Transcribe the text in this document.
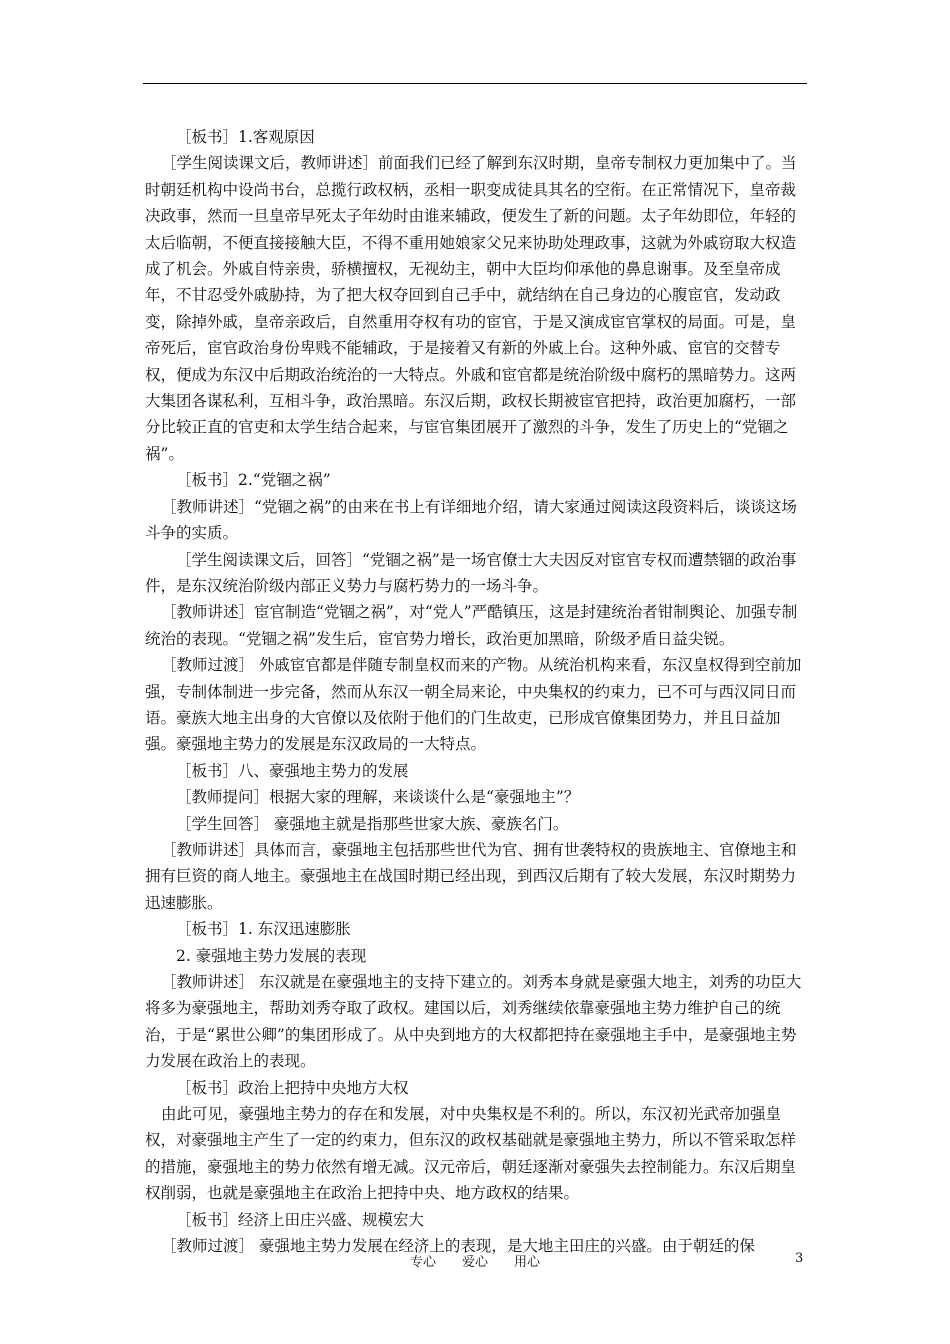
［板书］1.客观原因

［学生阅读课文后，教师讲述］前面我们已经了解到东汉时期，皇帝专制权力更加集中了。当时朝廷机构中设尚书台，总揽行政权柄，丞相一职变成徒具其名的空衔。在正常情况下，皇帝裁决政事，然而一旦皇帝早死太子年幼时由谁来辅政，便发生了新的问题。太子年幼即位，年轻的太后临朝，不便直接接触大臣，不得不重用她娘家父兄来协助处理政事，这就为外戚窃取大权造成了机会。外戚自恃亲贵，骄横擅权，无视幼主，朝中大臣均仰承他的鼻息谢事。及至皇帝成年，不甘忍受外戚胁持，为了把大权夺回到自己手中，就结纳在自己身边的心腹宦官，发动政变，除掉外戚，皇帝亲政后，自然重用夺权有功的宦官，于是又演成宦官掌权的局面。可是，皇帝死后，宦官政治身份卑贱不能辅政，于是接着又有新的外戚上台。这种外戚、宦官的交替专权，便成为东汉中后期政治统治的一大特点。外戚和宦官都是统治阶级中腐朽的黑暗势力。这两大集团各谋私利，互相斗争，政治黑暗。东汉后期，政权长期被宦官把持，政治更加腐朽，一部分比较正直的官吏和太学生结合起来，与宦官集团展开了激烈的斗争，发生了历史上的“党锢之祸”。

［板书］2.“党锢之祸”

［教师讲述］“党锢之祸”的由来在书上有详细地介绍，请大家通过阅读这段资料后，谈谈这场斗争的实质。

［学生阅读课文后，回答］“党锢之祸”是一场官僚士大夫因反对宦官专权而遭禁锢的政治事件，是东汉统治阶级内部正义势力与腐朽势力的一场斗争。

［教师讲述］宦官制造“党锢之祸”，对“党人”严酷镇压，这是封建统治者钳制舆论、加强专制统治的表现。“党锢之祸”发生后，宦官势力增长，政治更加黑暗，阶级矛盾日益尖锐。

［教师过渡］ 外戚宦官都是伴随专制皇权而来的产物。从统治机构来看，东汉皇权得到空前加强，专制体制进一步完备，然而从东汉一朝全局来论，中央集权的约束力，已不可与西汉同日而语。豪族大地主出身的大官僚以及依附于他们的门生故吏，已形成官僚集团势力，并且日益加强。豪强地主势力的发展是东汉政局的一大特点。

［板书］八、豪强地主势力的发展

［教师提问］根据大家的理解，来谈谈什么是“豪强地主”？

［学生回答］ 豪强地主就是指那些世家大族、豪族名门。

［教师讲述］具体而言，豪强地主包括那些世代为官、拥有世袭特权的贵族地主、官僚地主和拥有巨资的商人地主。豪强地主在战国时期已经出现，到西汉后期有了较大发展，东汉时期势力迅速膨胀。

［板书］1. 东汉迅速膨胀

2. 豪强地主势力发展的表现

［教师讲述］ 东汉就是在豪强地主的支持下建立的。刘秀本身就是豪强大地主，刘秀的功臣大将多为豪强地主，帮助刘秀夺取了政权。建国以后，刘秀继续依靠豪强地主势力维护自己的统治，于是“累世公卿”的集团形成了。从中央到地方的大权都把持在豪强地主手中，是豪强地主势力发展在政治上的表现。

［板书］政治上把持中央地方大权

由此可见，豪强地主势力的存在和发展，对中央集权是不利的。所以，东汉初光武帝加强皇权，对豪强地主产生了一定的约束力，但东汉的政权基础就是豪强地主势力，所以不管采取怎样的措施，豪强地主的势力依然有增无减。汉元帝后，朝廷逐渐对豪强失去控制能力。东汉后期皇权削弱，也就是豪强地主在政治上把持中央、地方政权的结果。

［板书］经济上田庄兴盛、规模宏大

［教师过渡］ 豪强地主势力发展在经济上的表现，是大地主田庄的兴盛。由于朝廷的保

专心　　爱心　　用心	3
